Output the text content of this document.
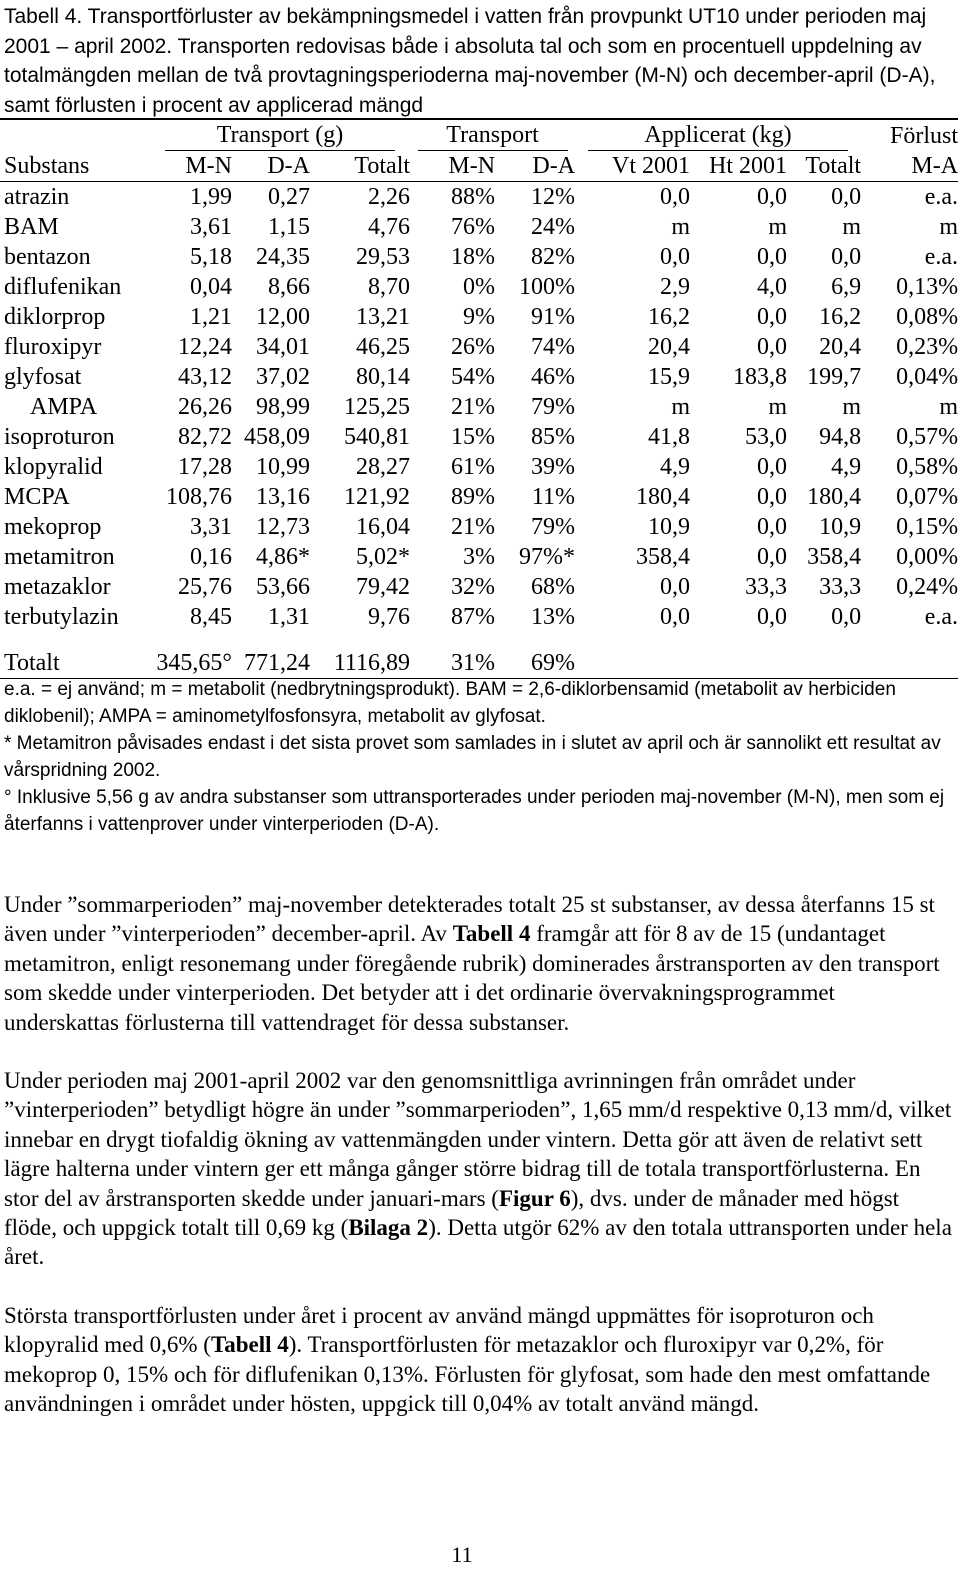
Tabell 4. Transportförluster av bekämpningsmedel i vatten från provpunkt UT10 under perioden maj 2001 – april 2002. Transporten redovisas både i absoluta tal och som en procentuell uppdelning av totalmängden mellan de två provtagningsperioderna maj-november (M-N) och december-april (D-A), samt förlusten i procent av applicerad mängd

	Transport (g)			Transport		Applicerat (kg)			Förlust
Substans	M-N	D-A	Totalt	M-N	D-A	Vt 2001	Ht 2001	Totalt	M-A
atrazin	1,99	0,27	2,26	88%	12%	0,0	0,0	0,0	e.a.
BAM	3,61	1,15	4,76	76%	24%	m	m	m	m
bentazon	5,18	24,35	29,53	18%	82%	0,0	0,0	0,0	e.a.
diflufenikan	0,04	8,66	8,70	0%	100%	2,9	4,0	6,9	0,13%
diklorprop	1,21	12,00	13,21	9%	91%	16,2	0,0	16,2	0,08%
fluroxipyr	12,24	34,01	46,25	26%	74%	20,4	0,0	20,4	0,23%
glyfosat	43,12	37,02	80,14	54%	46%	15,9	183,8	199,7	0,04%
AMPA	26,26	98,99	125,25	21%	79%	m	m	m	m
isoproturon	82,72	458,09	540,81	15%	85%	41,8	53,0	94,8	0,57%
klopyralid	17,28	10,99	28,27	61%	39%	4,9	0,0	4,9	0,58%
MCPA	108,76	13,16	121,92	89%	11%	180,4	0,0	180,4	0,07%
mekoprop	3,31	12,73	16,04	21%	79%	10,9	0,0	10,9	0,15%
metamitron	0,16	4,86*	5,02*	3%	97%*	358,4	0,0	358,4	0,00%
metazaklor	25,76	53,66	79,42	32%	68%	0,0	33,3	33,3	0,24%
terbutylazin	8,45	1,31	9,76	87%	13%	0,0	0,0	0,0	e.a.

Totalt	345,65°	771,24	1116,89	31%	69%				

e.a. = ej använd; m = metabolit (nedbrytningsprodukt). BAM = 2,6-diklorbensamid (metabolit av herbiciden diklobenil); AMPA = aminometylfosfonsyra, metabolit av glyfosat.

* Metamitron påvisades endast i det sista provet som samlades in i slutet av april och är sannolikt ett resultat av vårspridning 2002.

° Inklusive 5,56 g av andra substanser som uttransporterades under perioden maj-november (M-N), men som ej återfanns i vattenprover under vinterperioden (D-A).

Under ”sommarperioden” maj-november detekterades totalt 25 st substanser, av dessa återfanns 15 st även under ”vinterperioden” december-april. Av Tabell 4 framgår att för 8 av de 15 (undantaget metamitron, enligt resonemang under föregående rubrik) dominerades årstransporten av den transport som skedde under vinterperioden. Det betyder att i det ordinarie övervakningsprogrammet underskattas förlusterna till vattendraget för dessa substanser.

Under perioden maj 2001-april 2002 var den genomsnittliga avrinningen från området under ”vinterperioden” betydligt högre än under ”sommarperioden”, 1,65 mm/d respektive 0,13 mm/d, vilket innebar en drygt tiofaldig ökning av vattenmängden under vintern. Detta gör att även de relativt sett lägre halterna under vintern ger ett många gånger större bidrag till de totala transportförlusterna. En stor del av årstransporten skedde under januari-mars (Figur 6), dvs. under de månader med högst flöde, och uppgick totalt till 0,69 kg (Bilaga 2). Detta utgör 62% av den totala uttransporten under hela året.

Största transportförlusten under året i procent av använd mängd uppmättes för isoproturon och klopyralid med 0,6% (Tabell 4). Transportförlusten för metazaklor och fluroxipyr var 0,2%, för mekoprop 0, 15% och för diflufenikan 0,13%. Förlusten för glyfosat, som hade den mest omfattande användningen i området under hösten, uppgick till 0,04% av totalt använd mängd.

11
